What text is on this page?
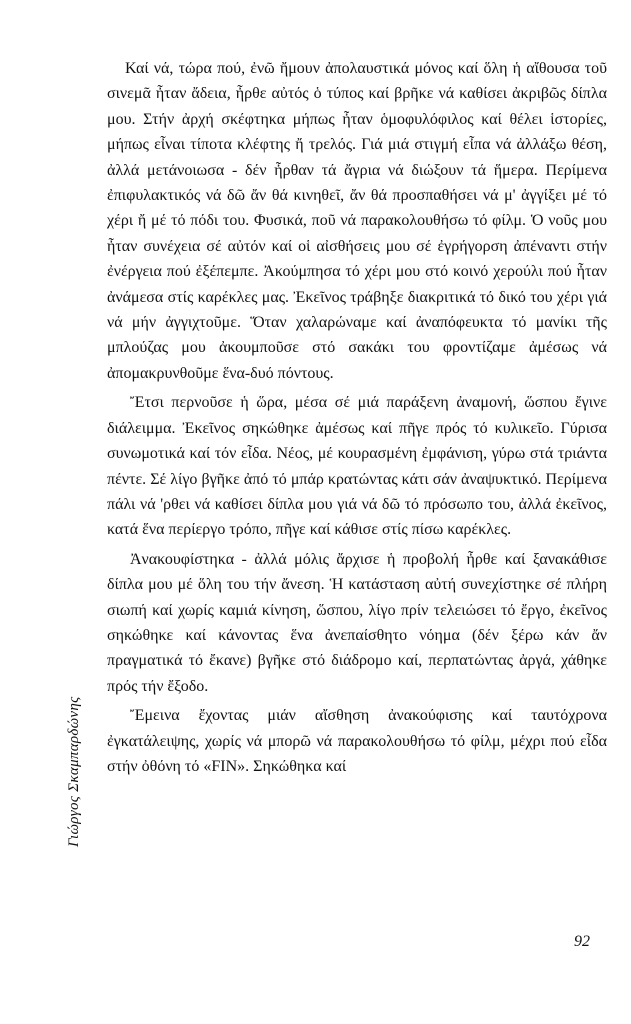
Γιώργος Σκαμπαρδώνης

Καί νά, τώρα πού, ἐνῶ ἤμουν ἀπολαυστικά μόνος καί ὅλη ἡ αἴθουσα τοῦ σινεμᾶ ἦταν ἄδεια, ἦρθε αὐτός ὁ τύπος καί βρῆκε νά καθίσει ἀκριβῶς δίπλα μου. Στήν ἀρχή σκέφτηκα μήπως ἦταν ὁμοφυλόφιλος καί θέλει ἱστορίες, μήπως εἶναι τίποτα κλέφτης ἤ τρελός. Γιά μιά στιγμή εἶπα νά ἀλλάξω θέση, ἀλλά μετάνοιωσα - δέν ἦρθαν τά ἄγρια νά διώξουν τά ἥμερα. Περίμενα ἐπιφυλακτικός νά δῶ ἄν θά κινηθεῖ, ἄν θά προσπαθήσει νά μ' ἀγγίξει μέ τό χέρι ἤ μέ τό πόδι του. Φυσικά, ποῦ νά παρακολουθήσω τό φίλμ. Ὁ νοῦς μου ἦταν συνέχεια σέ αὐτόν καί οἱ αἰσθήσεις μου σέ ἐγρήγορση ἀπέναντι στήν ἐνέργεια πού ἐξέπεμπε. Ἀκούμπησα τό χέρι μου στό κοινό χερούλι πού ἦταν ἀνάμεσα στίς καρέκλες μας. Ἐκεῖνος τράβηξε διακριτικά τό δικό του χέρι γιά νά μήν ἀγγιχτοῦμε. Ὅταν χαλαρώναμε καί ἀναπόφευκτα τό μανίκι τῆς μπλούζας μου ἀκουμποῦσε στό σακάκι του φροντίζαμε ἀμέσως νά ἀπομακρυνθοῦμε ἕνα-δυό πόντους.

Ἔτσι περνοῦσε ἡ ὥρα, μέσα σέ μιά παράξενη ἀναμονή, ὥσπου ἔγινε διάλειμμα. Ἐκεῖνος σηκώθηκε ἀμέσως καί πῆγε πρός τό κυλικεῖο. Γύρισα συνωμοτικά καί τόν εἶδα. Νέος, μέ κουρασμένη ἐμφάνιση, γύρω στά τριάντα πέντε. Σέ λίγο βγῆκε ἀπό τό μπάρ κρατώντας κάτι σάν ἀναψυκτικό. Περίμενα πάλι νά 'ρθει νά καθίσει δίπλα μου γιά νά δῶ τό πρόσωπο του, ἀλλά ἐκεῖνος, κατά ἕνα περίεργο τρόπο, πῆγε καί κάθισε στίς πίσω καρέκλες.

Ἀνακουφίστηκα - ἀλλά μόλις ἄρχισε ἡ προβολή ἦρθε καί ξανακάθισε δίπλα μου μέ ὅλη του τήν ἄνεση. Ἡ κατάσταση αὐτή συνεχίστηκε σέ πλήρη σιωπή καί χωρίς καμιά κίνηση, ὥσπου, λίγο πρίν τελειώσει τό ἔργο, ἐκεῖνος σηκώθηκε καί κάνοντας ἕνα ἀνεπαίσθητο νόημα (δέν ξέρω κάν ἄν πραγματικά τό ἔκανε) βγῆκε στό διάδρομο καί, περπατώντας ἀργά, χάθηκε πρός τήν ἔξοδο.

Ἔμεινα ἔχοντας μιάν αἴσθηση ἀνακούφισης καί ταυτόχρονα ἐγκατάλειψης, χωρίς νά μπορῶ νά παρακολουθήσω τό φίλμ, μέχρι πού εἶδα στήν ὀθόνη τό «FIN». Σηκώθηκα καί

92
